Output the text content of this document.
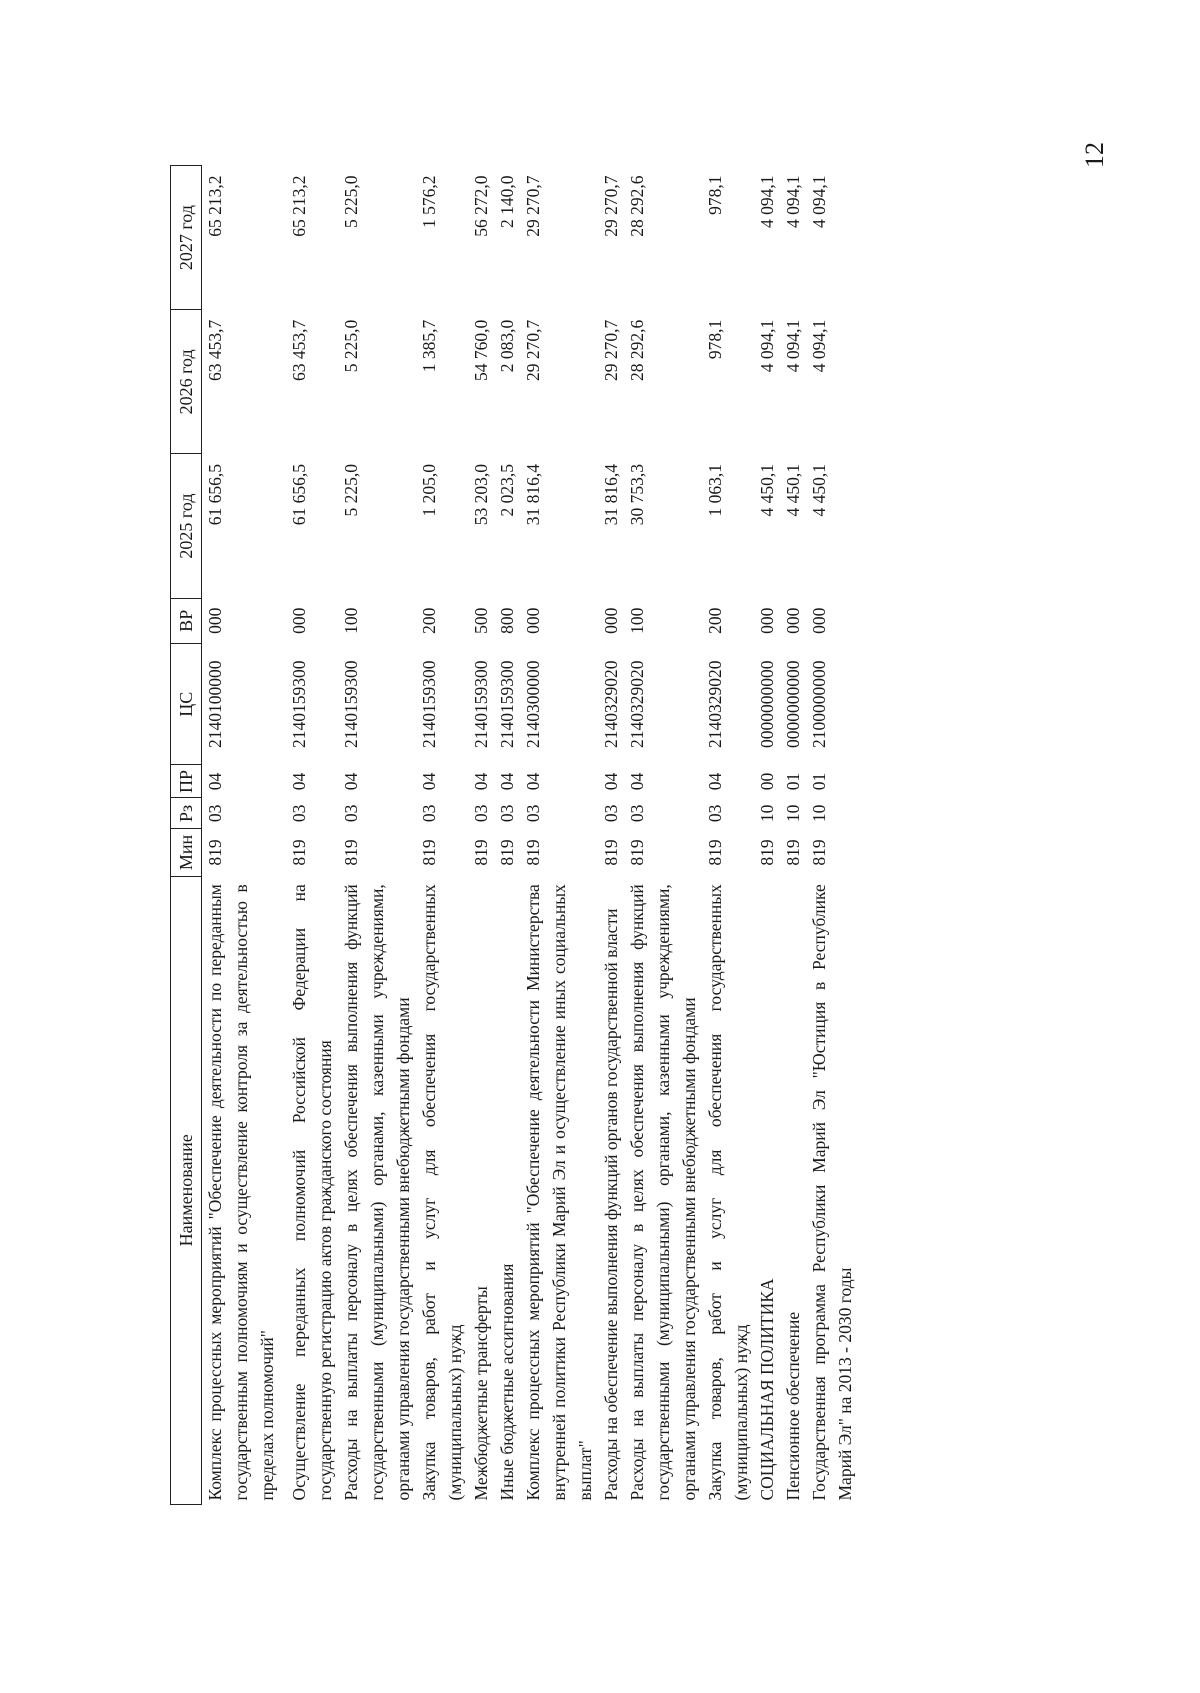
12
Наименование	Мин	Рз	ПР	ЦС	ВР	2025 год	2026 год	2027 год
Комплекс процессных мероприятий "Обеспечение деятельности по переданным государственным полномочиям и осуществление контроля за деятельностью в пределах полномочий"	819	03	04	2140100000	000	61 656,5	63 453,7	65 213,2
Осуществление переданных полномочий Российской Федерации на государственную регистрацию актов гражданского состояния	819	03	04	2140159300	000	61 656,5	63 453,7	65 213,2
Расходы на выплаты персоналу в целях обеспечения выполнения функций государственными (муниципальными) органами, казенными учреждениями, органами управления государственными внебюджетными фондами	819	03	04	2140159300	100	5 225,0	5 225,0	5 225,0
Закупка товаров, работ и услуг для обеспечения государственных (муниципальных) нужд	819	03	04	2140159300	200	1 205,0	1 385,7	1 576,2
Межбюджетные трансферты	819	03	04	2140159300	500	53 203,0	54 760,0	56 272,0
Иные бюджетные ассигнования	819	03	04	2140159300	800	2 023,5	2 083,0	2 140,0
Комплекс процессных мероприятий "Обеспечение деятельности Министерства внутренней политики Республики Марий Эл и осуществление иных социальных выплат"	819	03	04	2140300000	000	31 816,4	29 270,7	29 270,7
Расходы на обеспечение выполнения функций органов государственной власти	819	03	04	2140329020	000	31 816,4	29 270,7	29 270,7
Расходы на выплаты персоналу в целях обеспечения выполнения функций государственными (муниципальными) органами, казенными учреждениями, органами управления государственными внебюджетными фондами	819	03	04	2140329020	100	30 753,3	28 292,6	28 292,6
Закупка товаров, работ и услуг для обеспечения государственных (муниципальных) нужд	819	03	04	2140329020	200	1 063,1	978,1	978,1
СОЦИАЛЬНАЯ ПОЛИТИКА	819	10	00	0000000000	000	4 450,1	4 094,1	4 094,1
Пенсионное обеспечение	819	10	01	0000000000	000	4 450,1	4 094,1	4 094,1
Государственная программа Республики Марий Эл "Юстиция в Республике Марий Эл" на 2013 - 2030 годы	819	10	01	2100000000	000	4 450,1	4 094,1	4 094,1
